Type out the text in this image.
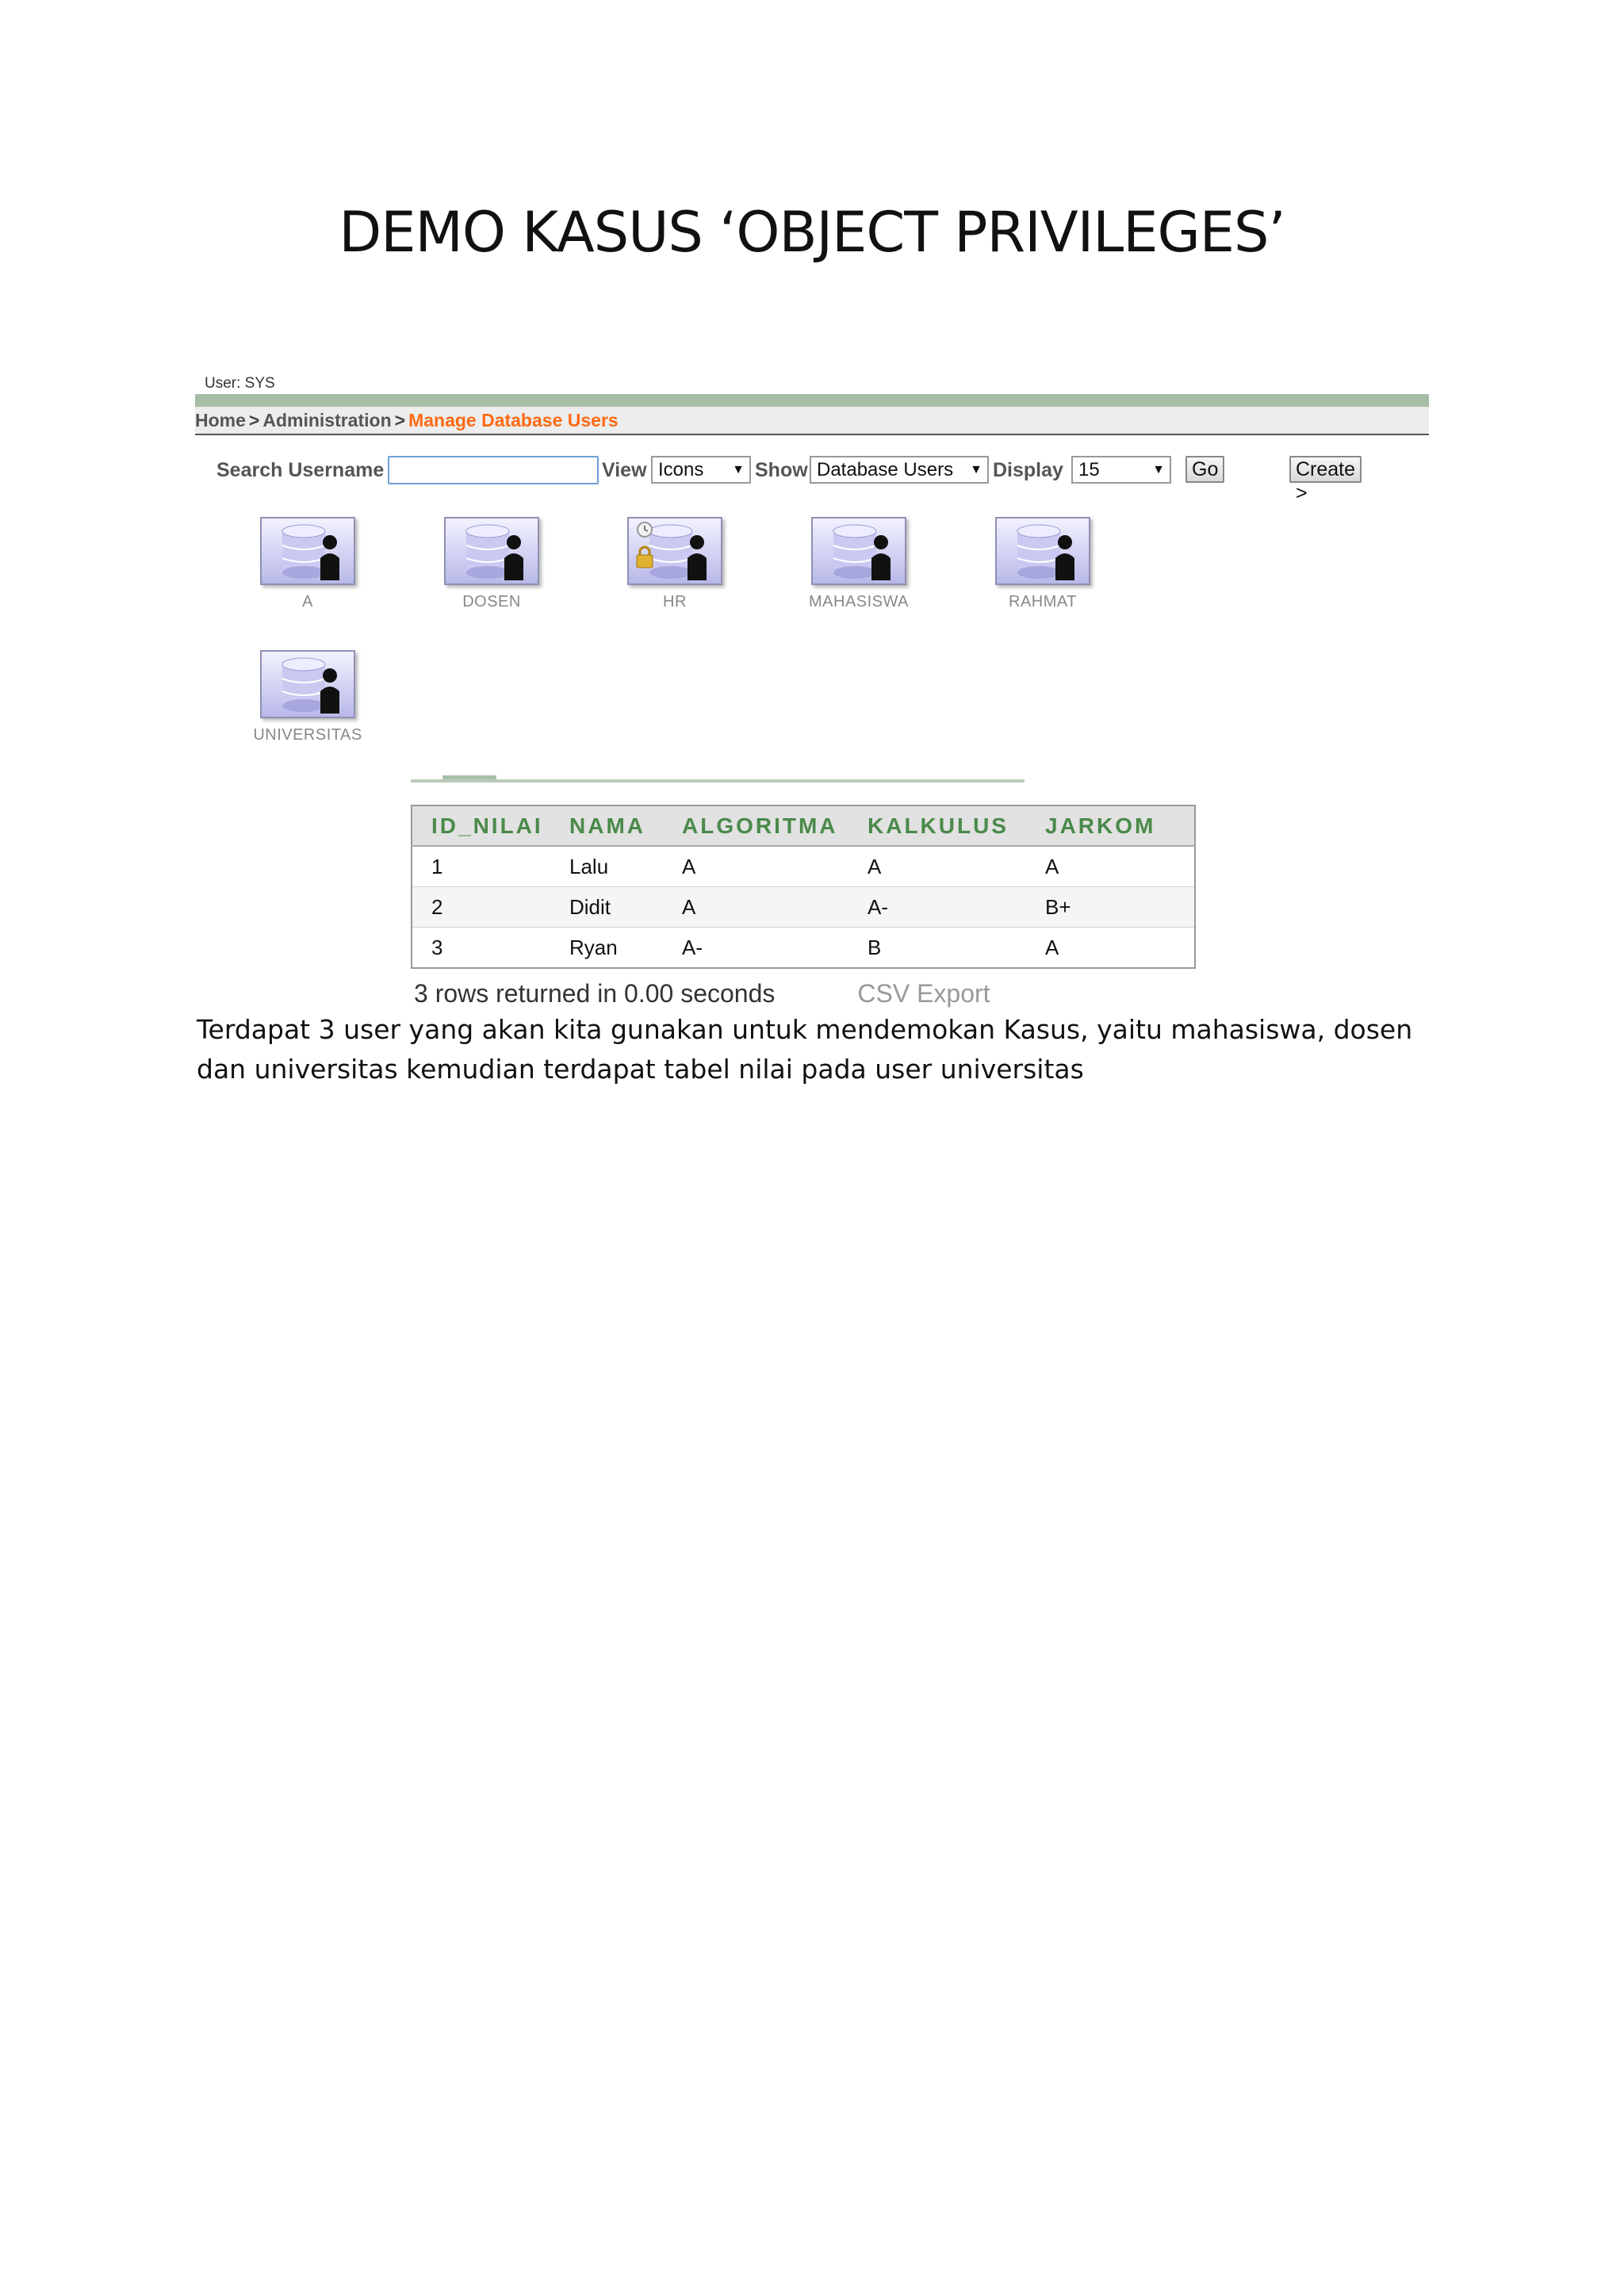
DEMO KASUS ‘OBJECT PRIVILEGES’
User: SYS
Home > Administration > Manage Database Users
Search Username	View Icons ▼ Show Database Users ▼ Display 15	▼	Go	Create >
A	DOSEN	HR	MAHASISWA	RAHMAT
UNIVERSITAS
ID_NILAI	NAMA	ALGORITMA	KALKULUS	JARKOM
1	Lalu	A	A	A
2	Didit	A	A-	B+
3	Ryan	A-	B	A
3 rows returned in 0.00 seconds	CSV Export

Terdapat 3 user yang akan kita gunakan untuk mendemokan Kasus, yaitu mahasiswa, dosen dan universitas kemudian terdapat tabel nilai pada user universitas
